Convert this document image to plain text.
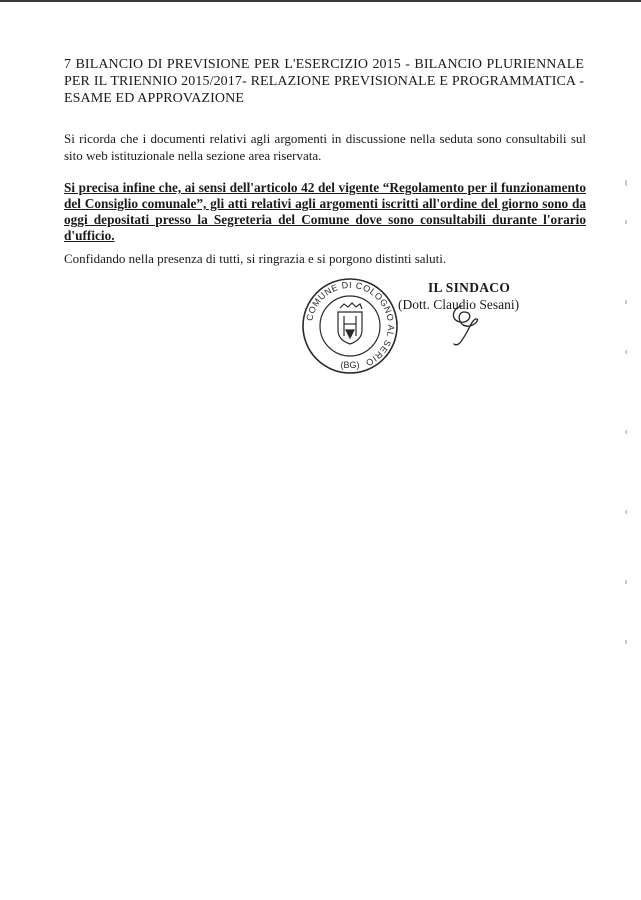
7 BILANCIO DI PREVISIONE PER L'ESERCIZIO 2015 - BILANCIO PLURIENNALE PER IL TRIENNIO 2015/2017- RELAZIONE PREVISIONALE E PROGRAMMATICA - ESAME ED APPROVAZIONE

Si ricorda che i documenti relativi agli argomenti in discussione nella seduta sono consultabili sul sito web istituzionale nella sezione area riservata.

Si precisa infine che, ai sensi dell'articolo 42 del vigente “Regolamento per il funzionamento del Consiglio comunale”, gli atti relativi agli argomenti iscritti all'ordine del giorno sono da oggi depositati presso la Segreteria del Comune dove sono consultabili durante l'orario d'ufficio.

Confidando nella presenza di tutti, si ringrazia e si porgono distinti saluti.

COMUNE DI COLOGNO AL SERIO
(BG)
IL SINDACO
(Dott. Claudio Sesani)
